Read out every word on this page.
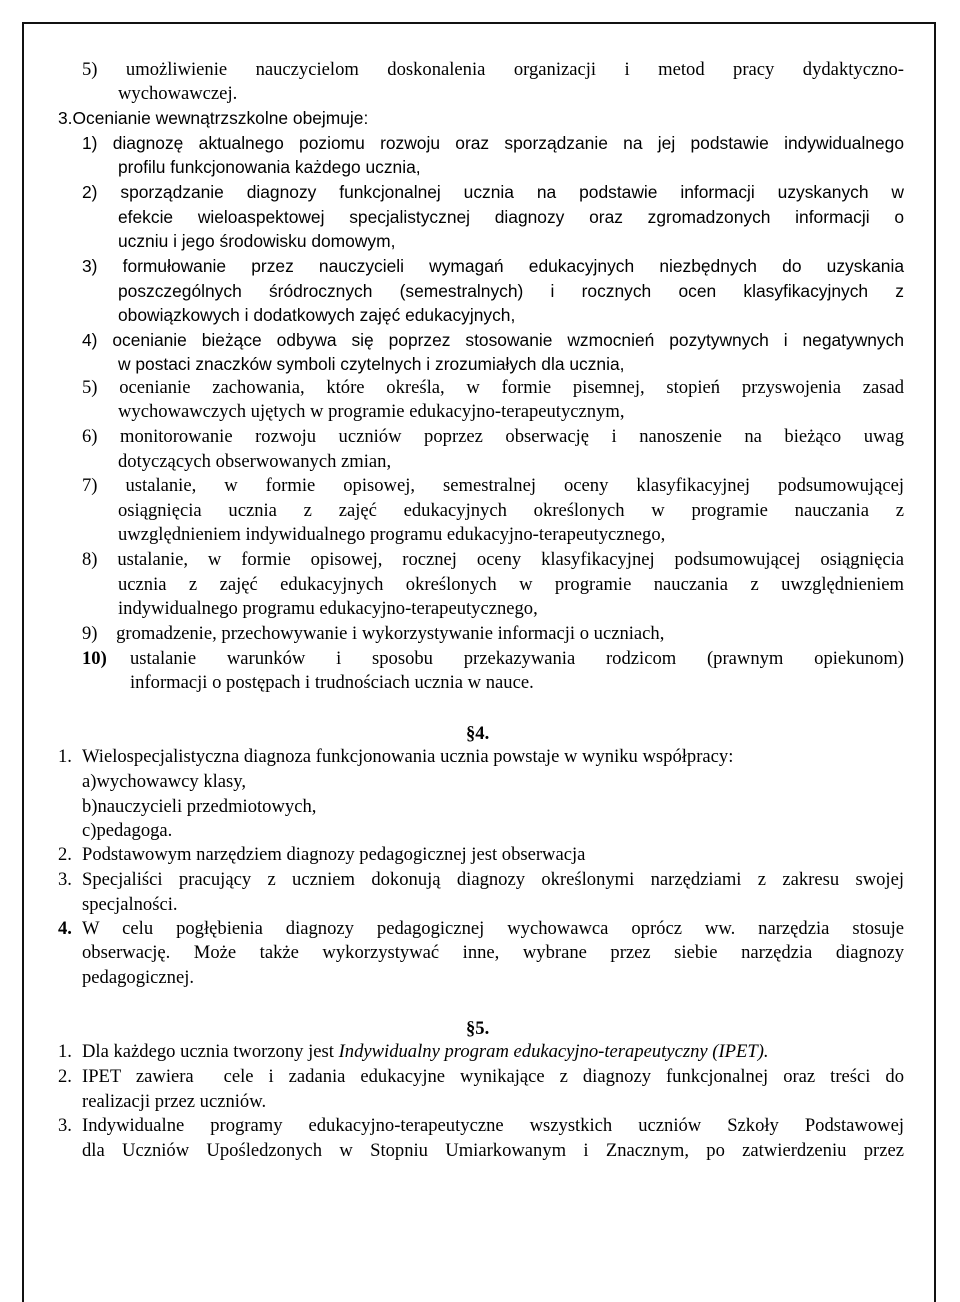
5) umożliwienie nauczycielom doskonalenia organizacji i metod pracy dydaktyczno-

wychowawczej.

3.Ocenianie wewnątrzszkolne obejmuje:

1) diagnozę aktualnego poziomu rozwoju oraz sporządzanie na jej podstawie indywidualnego

profilu funkcjonowania każdego ucznia,

2) sporządzanie diagnozy funkcjonalnej ucznia na podstawie informacji uzyskanych w

efekcie wieloaspektowej specjalistycznej diagnozy oraz zgromadzonych informacji o

uczniu i jego środowisku domowym,

3) formułowanie przez nauczycieli wymagań edukacyjnych niezbędnych do uzyskania

poszczególnych śródrocznych (semestralnych) i rocznych ocen klasyfikacyjnych z

obowiązkowych i dodatkowych zajęć edukacyjnych,

4) ocenianie bieżące odbywa się poprzez stosowanie wzmocnień pozytywnych i negatywnych

w postaci znaczków symboli czytelnych i zrozumiałych dla ucznia,

5) ocenianie zachowania, które określa, w formie pisemnej, stopień przyswojenia zasad

wychowawczych ujętych w programie edukacyjno-terapeutycznym,

6) monitorowanie rozwoju uczniów poprzez obserwację i nanoszenie na bieżąco uwag

dotyczących obserwowanych zmian,

7) ustalanie, w formie opisowej, semestralnej oceny klasyfikacyjnej podsumowującej

osiągnięcia ucznia z zajęć edukacyjnych określonych w programie nauczania z

uwzględnieniem indywidualnego programu edukacyjno-terapeutycznego,

8) ustalanie, w formie opisowej, rocznej oceny klasyfikacyjnej podsumowującej osiągnięcia

ucznia z zajęć edukacyjnych określonych w programie nauczania z uwzględnieniem

indywidualnego programu edukacyjno-terapeutycznego,

9)    gromadzenie, przechowywanie i wykorzystywanie informacji o uczniach,

10) ustalanie warunków i sposobu przekazywania rodzicom (prawnym opiekunom)

informacji o postępach i trudnościach ucznia w nauce.

§4.

1. Wielospecjalistyczna diagnoza funkcjonowania ucznia powstaje w wyniku współpracy:

a)wychowawcy klasy,

b)nauczycieli przedmiotowych,

c)pedagoga.

2. Podstawowym narzędziem diagnozy pedagogicznej jest obserwacja

3. Specjaliści pracujący z uczniem dokonują diagnozy określonymi narzędziami z zakresu swojej

specjalności.

4. W celu pogłębienia diagnozy pedagogicznej wychowawca oprócz ww. narzędzia stosuje

obserwację. Może także wykorzystywać inne, wybrane przez siebie narzędzia diagnozy

pedagogicznej.

§5.

1. Dla każdego ucznia tworzony jest Indywidualny program edukacyjno-terapeutyczny (IPET).

2. IPET zawiera  cele i zadania edukacyjne wynikające z diagnozy funkcjonalnej oraz treści do

realizacji przez uczniów.

3. Indywidualne programy edukacyjno-terapeutyczne wszystkich uczniów Szkoły Podstawowej

dla Uczniów Upośledzonych w Stopniu Umiarkowanym i Znacznym, po zatwierdzeniu przez
